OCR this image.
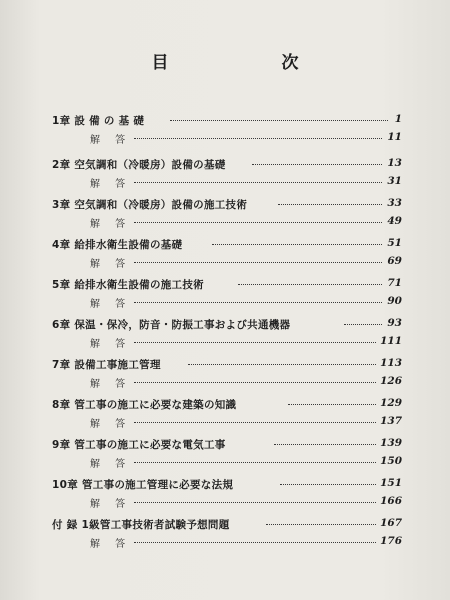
目　次
1章 設 備 の 基 礎	1
解 答	11
2章 空気調和（冷暖房）設備の基礎	13
解 答	31
3章 空気調和（冷暖房）設備の施工技術	33
解 答	49
4章 給排水衛生設備の基礎	51
解 答	69
5章 給排水衛生設備の施工技術	71
解 答	90
6章 保温・保冷，防音・防振工事および共通機器	93
解 答	111
7章 設備工事施工管理	113
解 答	126
8章 管工事の施工に必要な建築の知識	129
解 答	137
9章 管工事の施工に必要な電気工事	139
解 答	150
10章 管工事の施工管理に必要な法規	151
解 答	166
付 録 1級管工事技術者試験予想問題	167
解 答	176
